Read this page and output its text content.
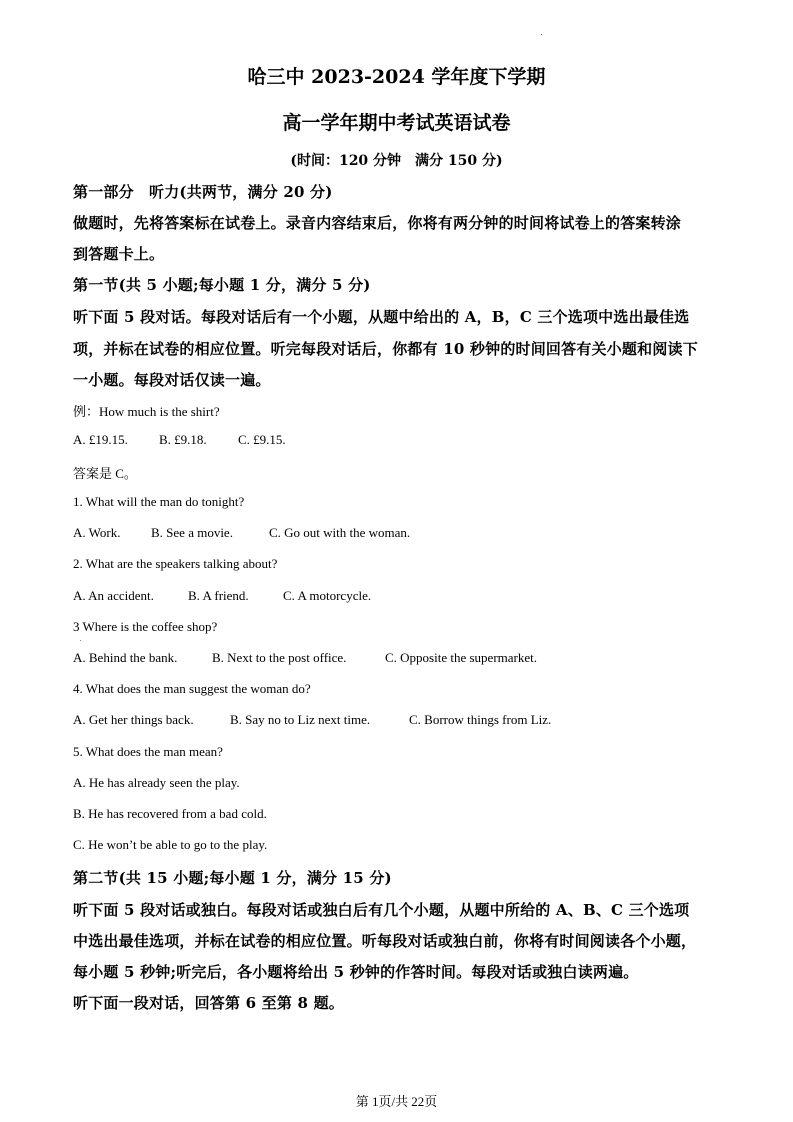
哈三中 2023-2024 学年度下学期
高一学年期中考试英语试卷
(时间：120 分钟　满分 150 分)

第一部分　听力(共两节，满分 20 分)

做题时，先将答案标在试卷上。录音内容结束后，你将有两分钟的时间将试卷上的答案转涂

到答题卡上。

第一节(共 5 小题;每小题 1 分，满分 5 分)

听下面 5 段对话。每段对话后有一个小题，从题中给出的 A，B，C 三个选项中选出最佳选

项，并标在试卷的相应位置。听完每段对话后，你都有 10 秒钟的时间回答有关小题和阅读下

一小题。每段对话仅读一遍。

例：How much is the shirt?

A. £19.15. B. £9.18. C. £9.15.

答案是 C。

1. What will the man do tonight?

A. Work. B. See a movie.	C. Go out with the woman.

2. What are the speakers talking about?

A. An accident.	B. A friend.	C. A motorcycle.

3 Where is the coffee shop?

A. Behind the bank.	B. Next to the post office.	C. Opposite the supermarket.

4. What does the man suggest the woman do?

A. Get her things back.	B. Say no to Liz next time.	C. Borrow things from Liz.

5. What does the man mean?

A. He has already seen the play.

B. He has recovered from a bad cold.

C. He won’t be able to go to the play.

第二节(共 15 小题;每小题 1 分，满分 15 分)

听下面 5 段对话或独白。每段对话或独白后有几个小题，从题中所给的 A、B、C 三个选项

中选出最佳选项，并标在试卷的相应位置。听每段对话或独白前，你将有时间阅读各个小题，

每小题 5 秒钟;听完后，各小题将给出 5 秒钟的作答时间。每段对话或独白读两遍。

听下面一段对话，回答第 6 至第 8 题。

第 1页/共 22页
